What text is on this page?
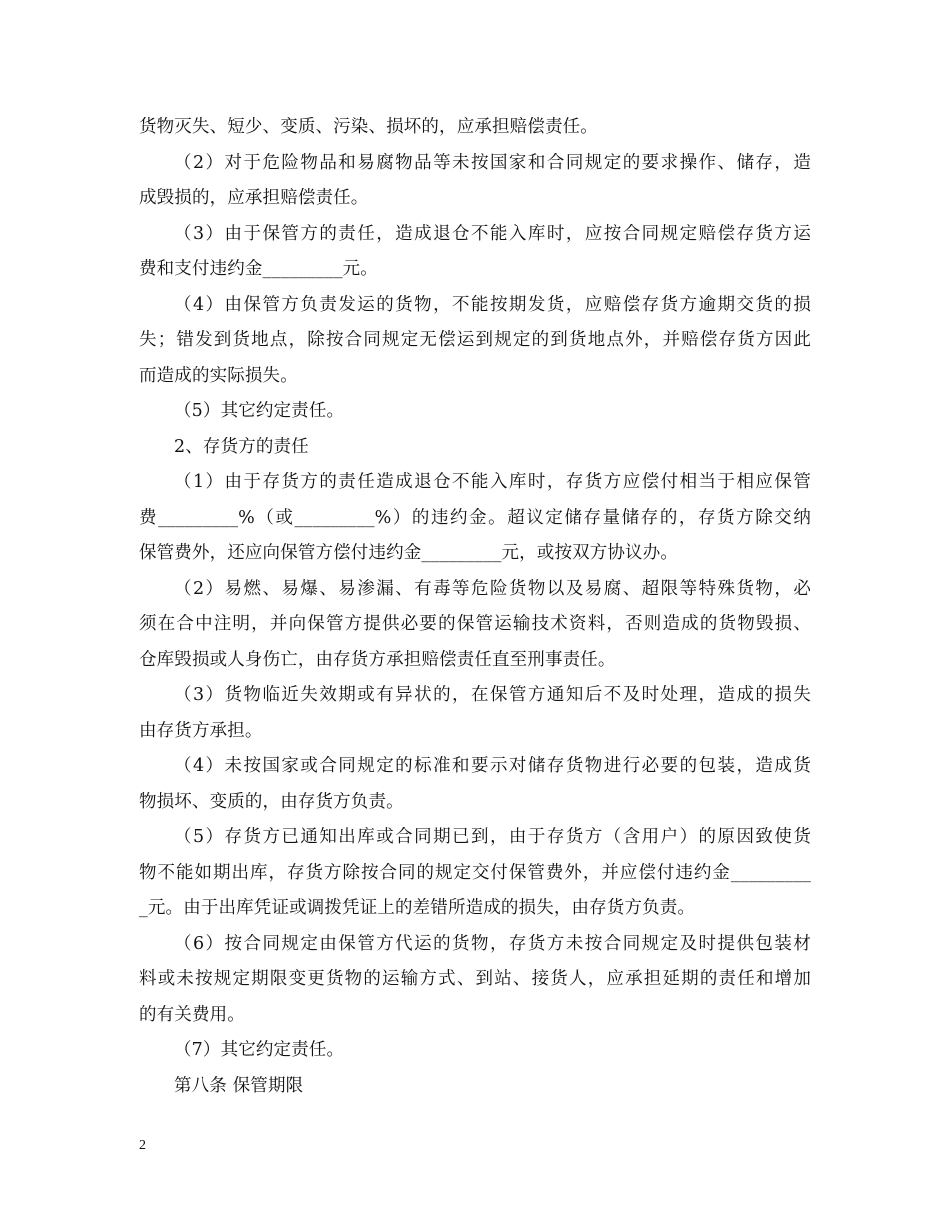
货物灭失、短少、变质、污染、损坏的，应承担赔偿责任。
（2）对于危险物品和易腐物品等未按国家和合同规定的要求操作、储存，造
成毁损的，应承担赔偿责任。
（3）由于保管方的责任，造成退仓不能入库时，应按合同规定赔偿存货方运
费和支付违约金_________元。
（4）由保管方负责发运的货物，不能按期发货，应赔偿存货方逾期交货的损
失；错发到货地点，除按合同规定无偿运到规定的到货地点外，并赔偿存货方因此
而造成的实际损失。
（5）其它约定责任。
2、存货方的责任
（1）由于存货方的责任造成退仓不能入库时，存货方应偿付相当于相应保管
费_________%（或_________%）的违约金。超议定储存量储存的，存货方除交纳
保管费外，还应向保管方偿付违约金_________元，或按双方协议办。
（2）易燃、易爆、易渗漏、有毒等危险货物以及易腐、超限等特殊货物，必
须在合中注明，并向保管方提供必要的保管运输技术资料，否则造成的货物毁损、
仓库毁损或人身伤亡，由存货方承担赔偿责任直至刑事责任。
（3）货物临近失效期或有异状的，在保管方通知后不及时处理，造成的损失
由存货方承担。
（4）未按国家或合同规定的标准和要示对储存货物进行必要的包装，造成货
物损坏、变质的，由存货方负责。
（5）存货方已通知出库或合同期已到，由于存货方（含用户）的原因致使货
物不能如期出库，存货方除按合同的规定交付保管费外，并应偿付违约金_________
_元。由于出库凭证或调拨凭证上的差错所造成的损失，由存货方负责。
（6）按合同规定由保管方代运的货物，存货方未按合同规定及时提供包装材
料或未按规定期限变更货物的运输方式、到站、接货人，应承担延期的责任和增加
的有关费用。
（7）其它约定责任。
第八条 保管期限
2
